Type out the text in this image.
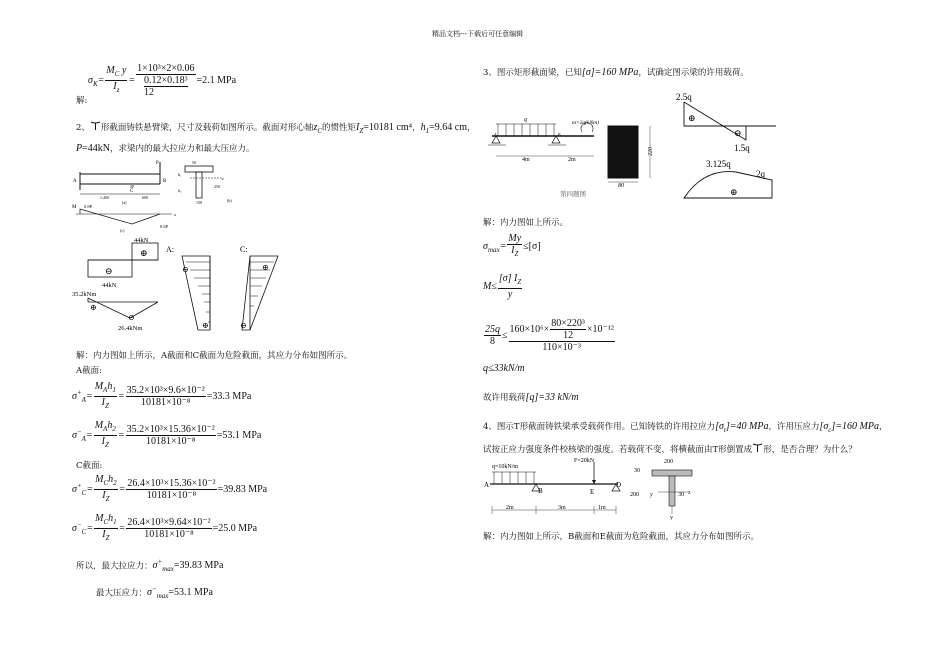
精品文档---下载后可任意编辑
$\sigma_K= \frac{M_C y}{I_z} = 1\times 10^3\times 2\times 0.06$
0.12×0.18³
12 =2.1 MPa
解:
2、 形截面铸铁悬臂梁，尺寸及载荷如图所示。截面对形心轴$z_C$的惯性矩$I_Z=10181$ cm⁴，$h_1=9.64$ cm，
P=44kN，求梁内的最大拉应力和最大压应力。
P
A	B
C
1,400	600
2P
50
z
h₁
h₂
150
250
(b)
(a)
M 0.8P
0.6P
x
(c)
44kN
44kN
⊕
⊖
35.2kNm
⊕
⊖
26.4kNm
A:
⊖
⊕
C:
⊕
⊖
解：内力图如上所示，A截面和C截面为危险截面，其应力分布如图所示。
A截面:
$\sigma^+_A= \frac{M_Ah_1}{I_Z} = \frac{\text{35.2×10³×9.6×10⁻²}}{\text{10181×10⁻⁸}} =33.3$ MPa
$\sigma^-_A= \frac{M_Ah_2}{I_Z} = \frac{\text{35.2×10³×15.36×10⁻²}}{\text{10181×10⁻⁸}} =53.1$ MPa
C截面:
$\sigma^+_C= \frac{M_Ch_2}{I_Z} = \frac{\text{26.4×10³×15.36×10⁻²}}{\text{10181×10⁻⁸}} =39.83$ MPa
$\sigma^-_C= \frac{M_Ch_1}{I_Z} = \frac{\text{26.4×10³×9.64×10⁻²}}{\text{10181×10⁻⁸}} =25.0$ MPa
所以，最大拉应力：$\sigma^+_{max}=39.83$ MPa
最大压应力：$\sigma^-_{max}=53.1$ MPa
3、图示矩形截面梁，已知[σ]=160 MPa，试确定图示梁的许用载荷。
q	m=2q(kNm)
A	B
4m	2m
220
80
第四题图
2.5q
⊕
⊖
1.5q
3.125q
2q
⊕
解：内力图如上所示。
$\sigma_{max}= \frac{My}{I_Z} \le[\sigma]$
$M\le \frac{[\sigma] I_Z}{y}$
$\frac{25q}{8} \le \frac{160\times 10^6\times \frac{\text{80×220³}}{12} \times 10^{-12}}{\text{110×10⁻³}}$
q≤33kN/m
故许用载荷[q]=33 kN/m
4、图示T形截面铸铁梁承受载荷作用。已知铸铁的许用拉应力$[\sigma_t]=40$ MPa，许用压应力$[\sigma_c]=160$ MPa，
试按正应力强度条件校核梁的强度。若载荷不变，将横截面由T形倒置成 形，是否合理？为什么？
q=10kN/m
A
B
F=20kN
E
D
2m	3m	1m
200
30
200 y	30 z
y
解：内力图如上所示，B截面和E截面为危险截面，其应力分布如图所示。
